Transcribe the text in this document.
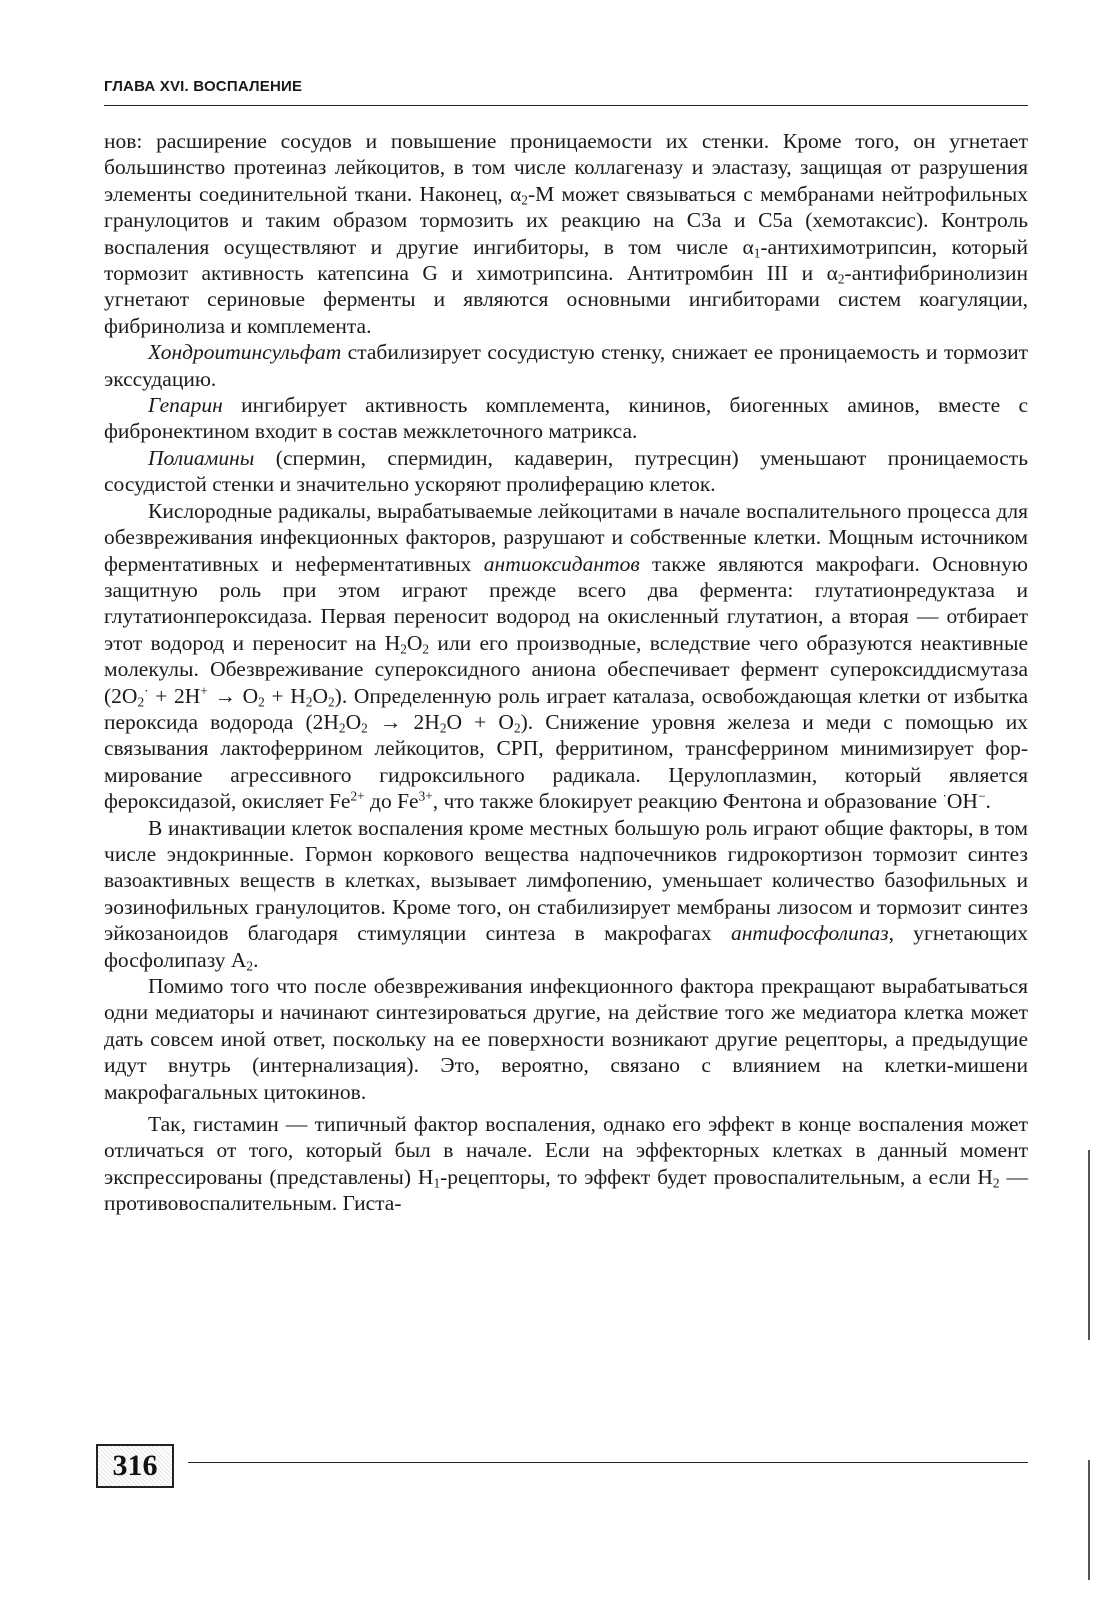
ГЛАВА XVI. ВОСПАЛЕНИЕ

нов: расширение сосудов и повышение проницаемости их стенки. Кроме того, он угнетает большинство протеиназ лейкоцитов, в том числе коллагеназу и эластазу, защищая от разрушения элементы соединительной ткани. Наконец, $\alpha_2-М$ может связываться с мембранами нейтрофильных гранулоцитов и таким образом тормозить их реакцию на С3а и С5а (хемотаксис). Контроль воспаления осуществляют и другие ингибиторы, в том числе $\alpha_1$-антихимотрипсин, который тормозит активность катепсина G и химотрипсина. Антитромбин III и $\alpha_2$-антифибринолизин угнетают сериновые ферменты и являются основными ингибиторами систем коагуляции, фибринолиза и комплемента.

Хондроитинсульфат стабилизирует сосудистую стенку, снижает ее проницаемость и тормозит экссудацию.

Гепарин ингибирует активность комплемента, кининов, биогенных аминов, вместе с фибронектином входит в состав межклеточного матрикса.

Полиамины (спермин, спермидин, кадаверин, путресцин) уменьшают проницаемость сосудистой стенки и значительно ускоряют пролиферацию клеток.

Кислородные радикалы, вырабатываемые лейкоцитами в начале воспалительного процесса для обезвреживания инфекционных факторов, разрушают и собственные клетки. Мощным источником ферментативных и неферментативных антиоксидантов также являются макрофаги. Основную защитную роль при этом играют прежде всего два фермента: глутатионредуктаза и глутатионпероксидаза. Первая переносит водород на окисленный глутатион, а вторая — отбирает этот водород и переносит на $Н_2О_2$ или его производные, вследствие чего образуются неактивные молекулы. Обезвреживание супероксидного аниона обеспечивает фермент супероксиддисмутаза $(2О_2^\cdot + 2Н^+ \to О_2 + Н_2О_2)$. Определенную роль играет каталаза, освобождающая клетки от избытка пероксида водорода $(2Н_2О_2 \to 2Н_2О + О_2)$. Снижение уровня железа и меди с помощью их связывания лактоферрином лейкоцитов, СРП, ферритином, трансферрином минимизирует формирование агрессивного гидроксильного радикала. Церулоплазмин, который является фероксидазой, окисляет $Fe^{2+}$ до $Fe^{3+}$, что также блокирует реакцию Фентона и образование ·ОН−.

В инактивации клеток воспаления кроме местных большую роль играют общие факторы, в том числе эндокринные. Гормон коркового вещества надпочечников гидрокортизон тормозит синтез вазоактивных веществ в клетках, вызывает лимфопению, уменьшает количество базофильных и эозинофильных гранулоцитов. Кроме того, он стабилизирует мембраны лизосом и тормозит синтез эйкозаноидов благодаря стимуляции синтеза в макрофагах антифосфолипаз, угнетающих фосфолипазу $А_2$.

Помимо того что после обезвреживания инфекционного фактора прекращают вырабатываться одни медиаторы и начинают синтезироваться другие, на действие того же медиатора клетка может дать совсем иной ответ, поскольку на ее поверхности возникают другие рецепторы, а предыдущие идут внутрь (интернализация). Это, вероятно, связано с влиянием на клетки-мишени макрофагальных цитокинов.

Так, гистамин — типичный фактор воспаления, однако его эффект в конце воспаления может отличаться от того, который был в начале. Если на эффекторных клетках в данный момент экспрессированы (представлены) $Н_1$-рецепторы, то эффект будет провоспалительным, а если $Н_2$ — противовоспалительным. Гиста-

316
